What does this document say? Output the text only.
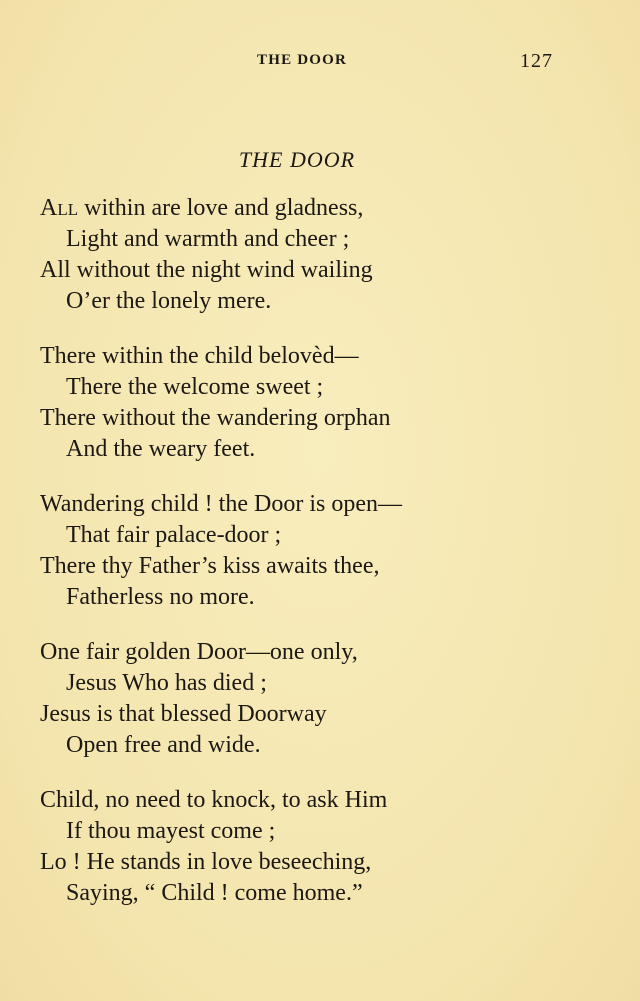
THE DOOR	127
THE DOOR
All within are love and gladness,
Light and warmth and cheer ;
All without the night wind wailing
O’er the lonely mere.
There within the child belovèd—
There the welcome sweet ;
There without the wandering orphan
And the weary feet.
Wandering child ! the Door is open—
That fair palace-door ;
There thy Father’s kiss awaits thee,
Fatherless no more.
One fair golden Door—one only,
Jesus Who has died ;
Jesus is that blessed Doorway
Open free and wide.
Child, no need to knock, to ask Him
If thou mayest come ;
Lo ! He stands in love beseeching,
Saying, “ Child ! come home.”
